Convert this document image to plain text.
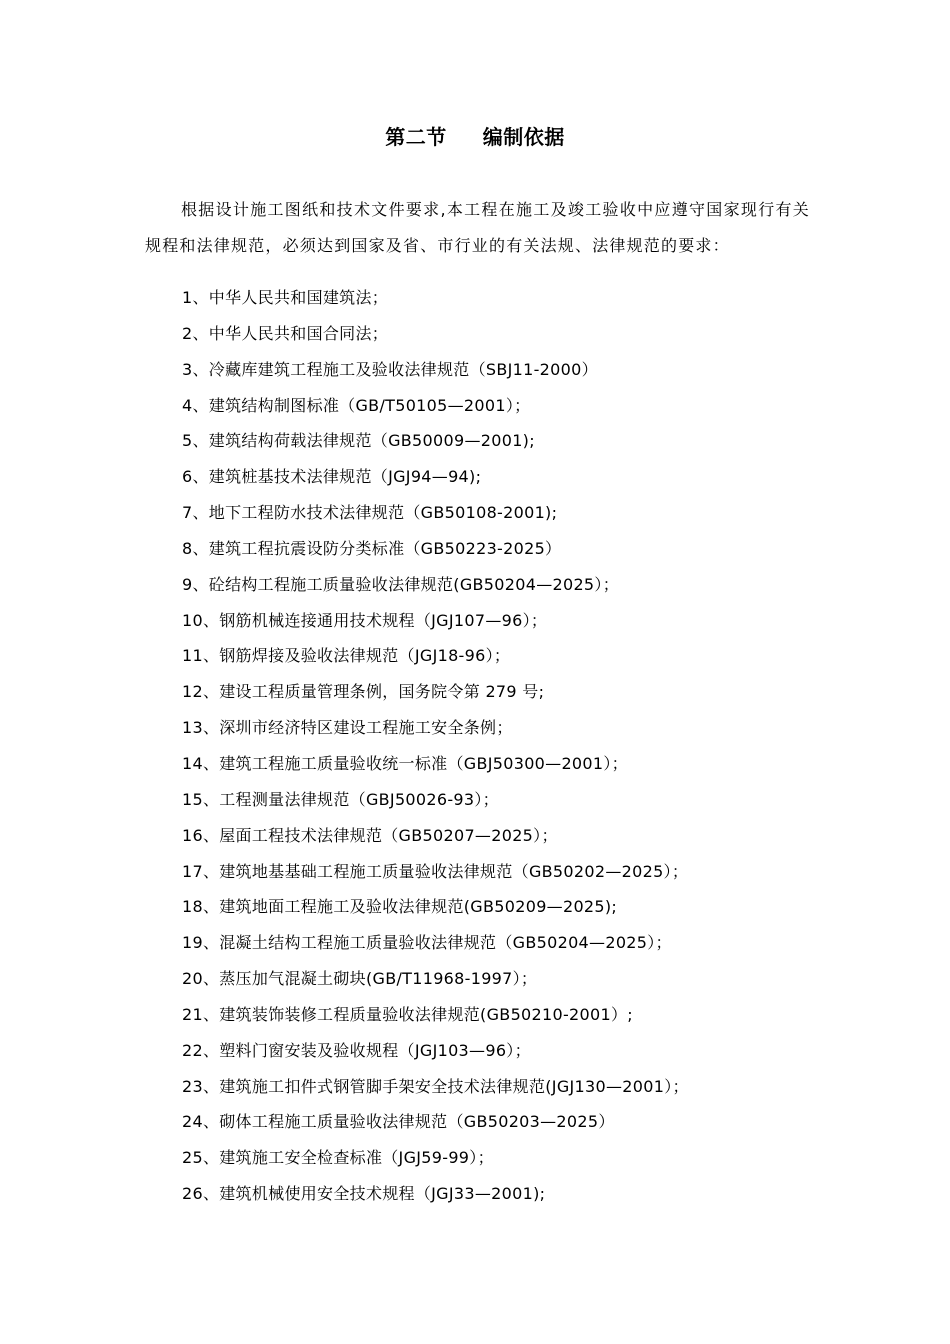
第二节 编制依据

根据设计施工图纸和技术文件要求,本工程在施工及竣工验收中应遵守国家现行有关规程和法律规范，必须达到国家及省、市行业的有关法规、法律规范的要求：

1、中华人民共和国建筑法；
2、中华人民共和国合同法；
3、冷藏库建筑工程施工及验收法律规范（SBJ11-2000）
4、建筑结构制图标准（GB/T50105—2001）；
5、建筑结构荷载法律规范（GB50009—2001);
6、建筑桩基技术法律规范（JGJ94—94);
7、地下工程防水技术法律规范（GB50108-2001);
8、建筑工程抗震设防分类标准（GB50223-2025）
9、砼结构工程施工质量验收法律规范(GB50204—2025）；
10、钢筋机械连接通用技术规程（JGJ107—96）；
11、钢筋焊接及验收法律规范（JGJ18-96）；
12、建设工程质量管理条例，国务院令第 279 号;
13、深圳市经济特区建设工程施工安全条例；
14、建筑工程施工质量验收统一标准（GBJ50300—2001）；
15、工程测量法律规范（GBJ50026-93）；
16、屋面工程技术法律规范（GB50207—2025）；
17、建筑地基基础工程施工质量验收法律规范（GB50202—2025）；
18、建筑地面工程施工及验收法律规范(GB50209—2025);
19、混凝土结构工程施工质量验收法律规范（GB50204—2025）；
20、蒸压加气混凝土砌块(GB/T11968-1997）；
21、建筑装饰装修工程质量验收法律规范(GB50210-2001）;
22、塑料门窗安装及验收规程（JGJ103—96）；
23、建筑施工扣件式钢管脚手架安全技术法律规范(JGJ130—2001）；
24、砌体工程施工质量验收法律规范（GB50203—2025）
25、建筑施工安全检查标准（JGJ59-99）；
26、建筑机械使用安全技术规程（JGJ33—2001);
